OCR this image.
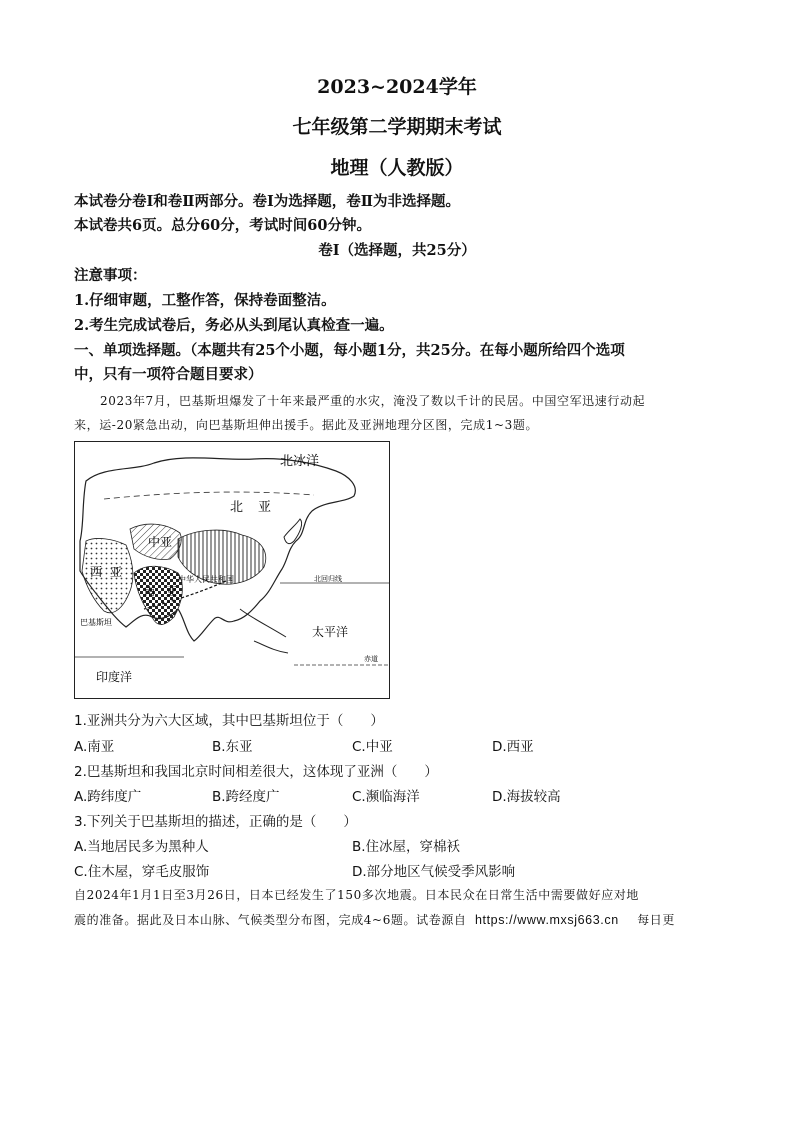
2023~2024学年
七年级第二学期期末考试
地理（人教版）
本试卷分卷Ⅰ和卷Ⅱ两部分。卷Ⅰ为选择题，卷Ⅱ为非选择题。
本试卷共6页。总分60分，考试时间60分钟。
卷Ⅰ（选择题，共25分）
注意事项：
1.仔细审题，工整作答，保持卷面整洁。
2.考生完成试卷后，务必从头到尾认真检查一遍。
一、单项选择题。（本题共有25个小题，每小题1分，共25分。在每小题所给四个选项
中，只有一项符合题目要求）
2023年7月，巴基斯坦爆发了十年来最严重的水灾，淹没了数以千计的民居。中国空军迅速行动起
来，运-20紧急出动，向巴基斯坦伸出援手。据此及亚洲地理分区图，完成1~3题。
北冰洋
北 亚
中亚
西 亚
中华人民共和国
南 亚
巴基斯坦
北回归线
太平洋
赤道
印度洋
1.亚洲共分为六大区域，其中巴基斯坦位于（　　）
A.南亚	B.东亚	C.中亚	D.西亚
2.巴基斯坦和我国北京时间相差很大，这体现了亚洲（　　）
A.跨纬度广	B.跨经度广	C.濒临海洋	D.海拔较高
3.下列关于巴基斯坦的描述，正确的是（　　）
A.当地居民多为黑种人	B.住冰屋，穿棉袄
C.住木屋，穿毛皮服饰	D.部分地区气候受季风影响
自2024年1月1日至3月26日，日本已经发生了150多次地震。日本民众在日常生活中需要做好应对地
震的准备。据此及日本山脉、气候类型分布图，完成4~6题。试卷源自 https://www.mxsj663.cn 每日更
